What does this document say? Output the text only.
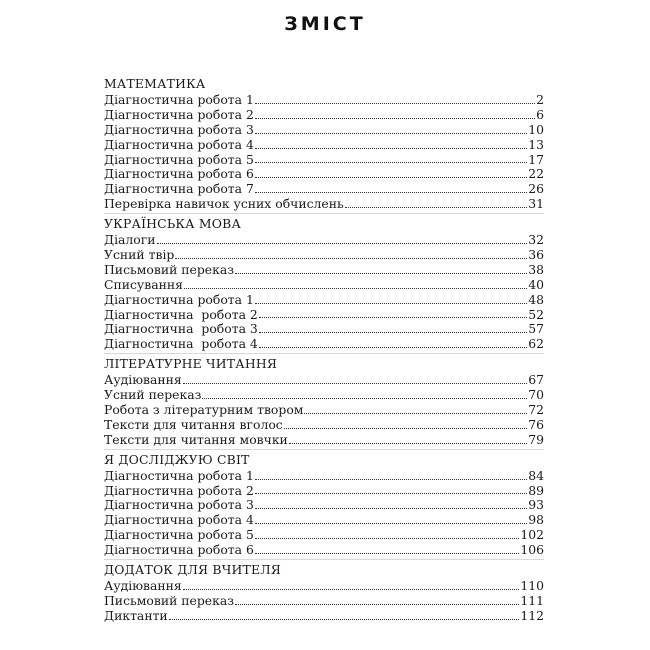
ЗМІСТ
МАТЕМАТИКА
Діагностична робота 1	2
Діагностична робота 2	6
Діагностична робота 3	10
Діагностична робота 4	13
Діагностична робота 5	17
Діагностична робота 6	22
Діагностична робота 7	26
Перевірка навичок усних обчислень	31
УКРАЇНСЬКА МОВА
Діалоги	32
Усний твір	36
Письмовий переказ	38
Списування	40
Діагностична робота 1	48
Діагностична  робота 2	52
Діагностична  робота 3	57
Діагностична  робота 4	62
ЛІТЕРАТУРНЕ ЧИТАННЯ
Аудіювання	67
Усний переказ	70
Робота з літературним твором	72
Тексти для читання вголос	76
Тексти для читання мовчки	79
Я ДОСЛІДЖУЮ СВІТ
Діагностична робота 1	84
Діагностична робота 2	89
Діагностична робота 3	93
Діагностична робота 4	98
Діагностична робота 5	102
Діагностична робота 6	106
ДОДАТОК ДЛЯ ВЧИТЕЛЯ
Аудіювання	110
Письмовий переказ	111
Диктанти	112
